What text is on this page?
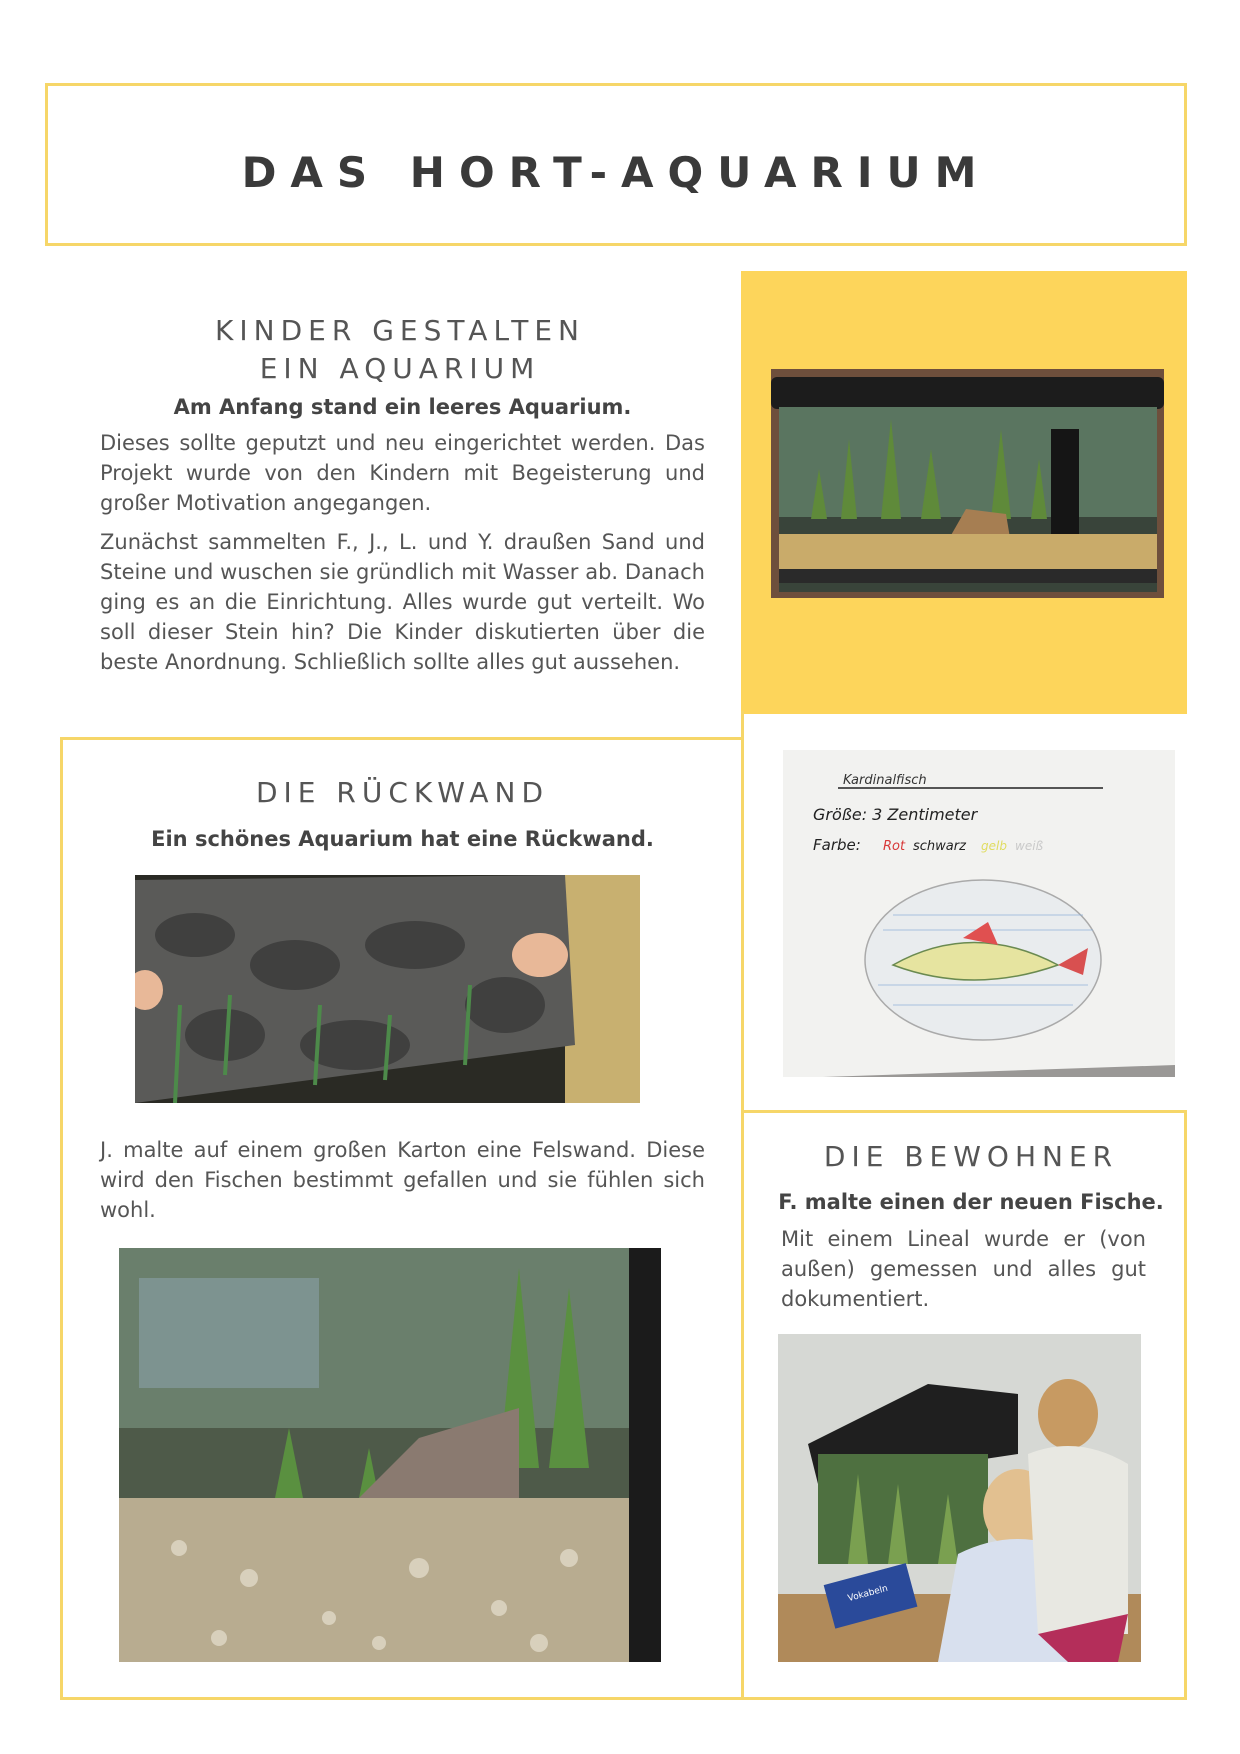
DAS HORT-AQUARIUM
KINDER GESTALTEN
EIN AQUARIUM

Am Anfang stand ein leeres Aquarium.

Dieses sollte geputzt und neu eingerichtet werden. Das Projekt wurde von den Kindern mit Begeisterung und großer Motivation angegangen.

Zunächst sammelten F., J., L. und Y. draußen Sand und Steine und wuschen sie gründlich mit Wasser ab. Danach ging es an die Einrichtung. Alles wurde gut verteilt. Wo soll dieser Stein hin? Die Kinder diskutierten über die beste Anordnung. Schließlich sollte alles gut aussehen.

DIE RÜCKWAND

Ein schönes Aquarium hat eine Rückwand.

J. malte auf einem großen Karton eine Felswand. Diese wird den Fischen bestimmt gefallen und sie fühlen sich wohl.

Kardinalfisch
Größe: 3 Zentimeter
Farbe: Rot schwarz gelb weiß
DIE BEWOHNER

F. malte einen der neuen Fische.

Mit einem Lineal wurde er (von außen) gemessen und alles gut dokumentiert.

Vokabeln
